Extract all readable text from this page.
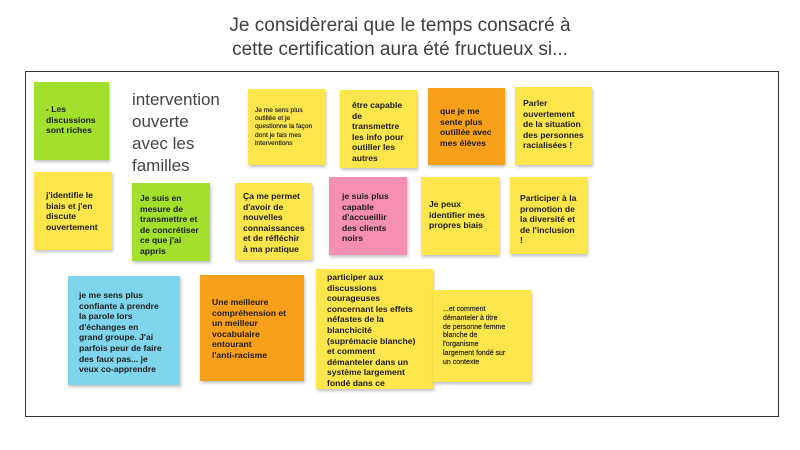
Je considèrerai que le temps consacré à
cette certification aura été fructueux si...
- Les
discussions
sont riches
intervention
ouverte
avec les
familles
Je me sens plus
outillée et je
questionne la façon
dont je fais mes
interventions
être capable
de
transmettre
les info pour
outiller les
autres
que je me
sente plus
outillée avec
mes élèves
Parler
ouvertement
de la situation
des personnes
racialisées !
j'identifie le
biais et j'en
discute
ouvertement
Je suis en
mesure de
transmettre et
de concrétiser
ce que j'ai
appris
Ça me permet
d'avoir de
nouvelles
connaissances
et de réfléchir
à ma pratique
je suis plus
capable
d'accueillir
des clients
noirs
Je peux
identifier mes
propres biais
Participer à la
promotion de
la diversité et
de l'inclusion !
je me sens plus
confiante à prendre
la parole lors
d'échanges en
grand groupe. J'ai
parfois peur de faire
des faux pas... je
veux co-apprendre
Une meilleure
compréhension et
un meilleur
vocabulaire
entourant
l'anti-racisme
participer aux
discussions
courageuses
concernant les effets
néfastes de la
blanchicité
(suprémacie blanche)
et comment
démanteler dans un
système largement
fondé dans ce
...et comment
démanteler à titre
de personne femme
blanche de
l'organisme
largement fondé sur
un contexte
